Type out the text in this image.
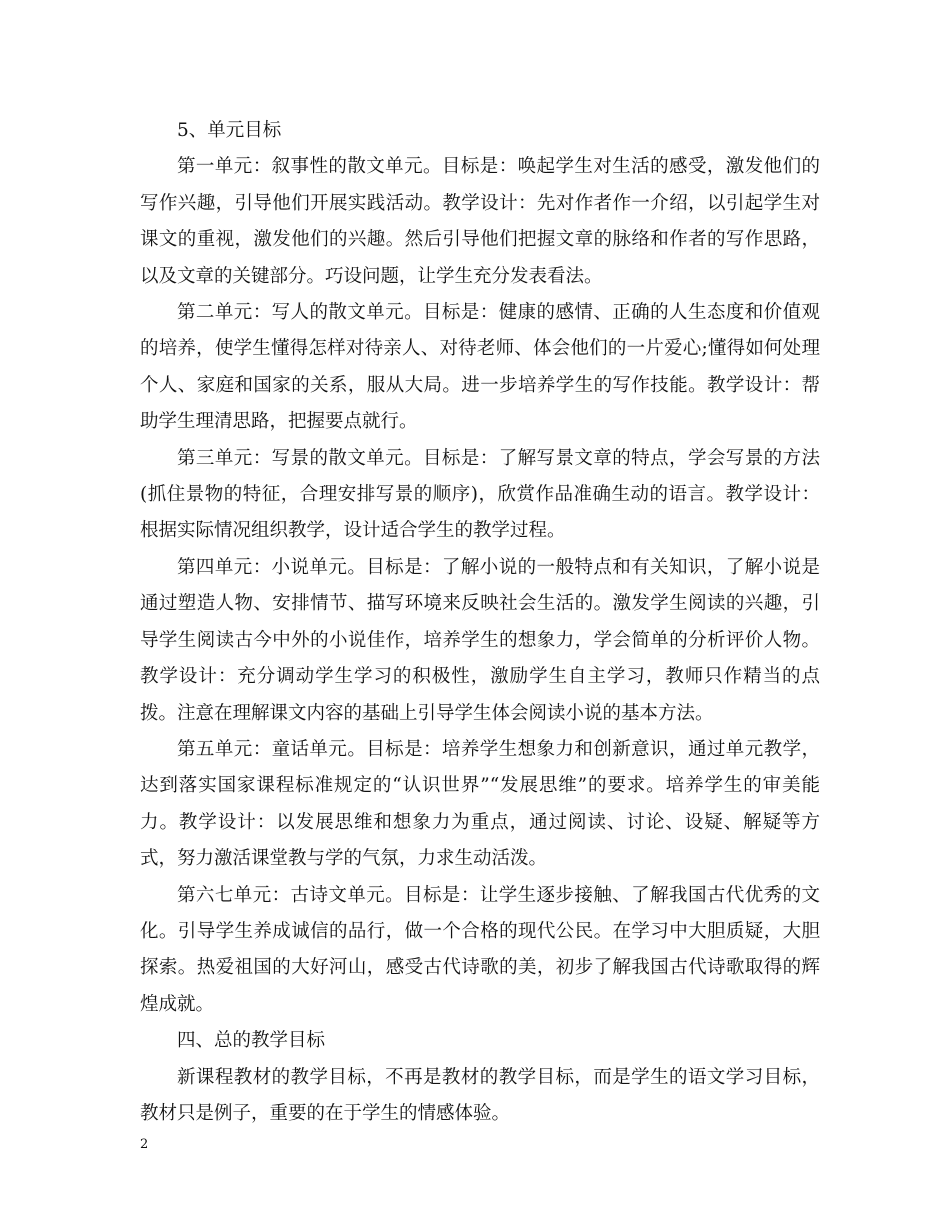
5、单元目标

第一单元：叙事性的散文单元。目标是：唤起学生对生活的感受，激发他们的写作兴趣，引导他们开展实践活动。教学设计：先对作者作一介绍，以引起学生对课文的重视，激发他们的兴趣。然后引导他们把握文章的脉络和作者的写作思路，以及文章的关键部分。巧设问题，让学生充分发表看法。

第二单元：写人的散文单元。目标是：健康的感情、正确的人生态度和价值观的培养，使学生懂得怎样对待亲人、对待老师、体会他们的一片爱心;懂得如何处理个人、家庭和国家的关系，服从大局。进一步培养学生的写作技能。教学设计：帮助学生理清思路，把握要点就行。

第三单元：写景的散文单元。目标是：了解写景文章的特点，学会写景的方法(抓住景物的特征，合理安排写景的顺序)，欣赏作品准确生动的语言。教学设计：根据实际情况组织教学，设计适合学生的教学过程。

第四单元：小说单元。目标是：了解小说的一般特点和有关知识，了解小说是通过塑造人物、安排情节、描写环境来反映社会生活的。激发学生阅读的兴趣，引导学生阅读古今中外的小说佳作，培养学生的想象力，学会简单的分析评价人物。教学设计：充分调动学生学习的积极性，激励学生自主学习，教师只作精当的点拨。注意在理解课文内容的基础上引导学生体会阅读小说的基本方法。

第五单元：童话单元。目标是：培养学生想象力和创新意识，通过单元教学，达到落实国家课程标准规定的“认识世界”“发展思维”的要求。培养学生的审美能力。教学设计：以发展思维和想象力为重点，通过阅读、讨论、设疑、解疑等方式，努力激活课堂教与学的气氛，力求生动活泼。

第六七单元：古诗文单元。目标是：让学生逐步接触、了解我国古代优秀的文化。引导学生养成诚信的品行，做一个合格的现代公民。在学习中大胆质疑，大胆探索。热爱祖国的大好河山，感受古代诗歌的美，初步了解我国古代诗歌取得的辉煌成就。

四、总的教学目标

新课程教材的教学目标，不再是教材的教学目标，而是学生的语文学习目标，教材只是例子，重要的在于学生的情感体验。

2
